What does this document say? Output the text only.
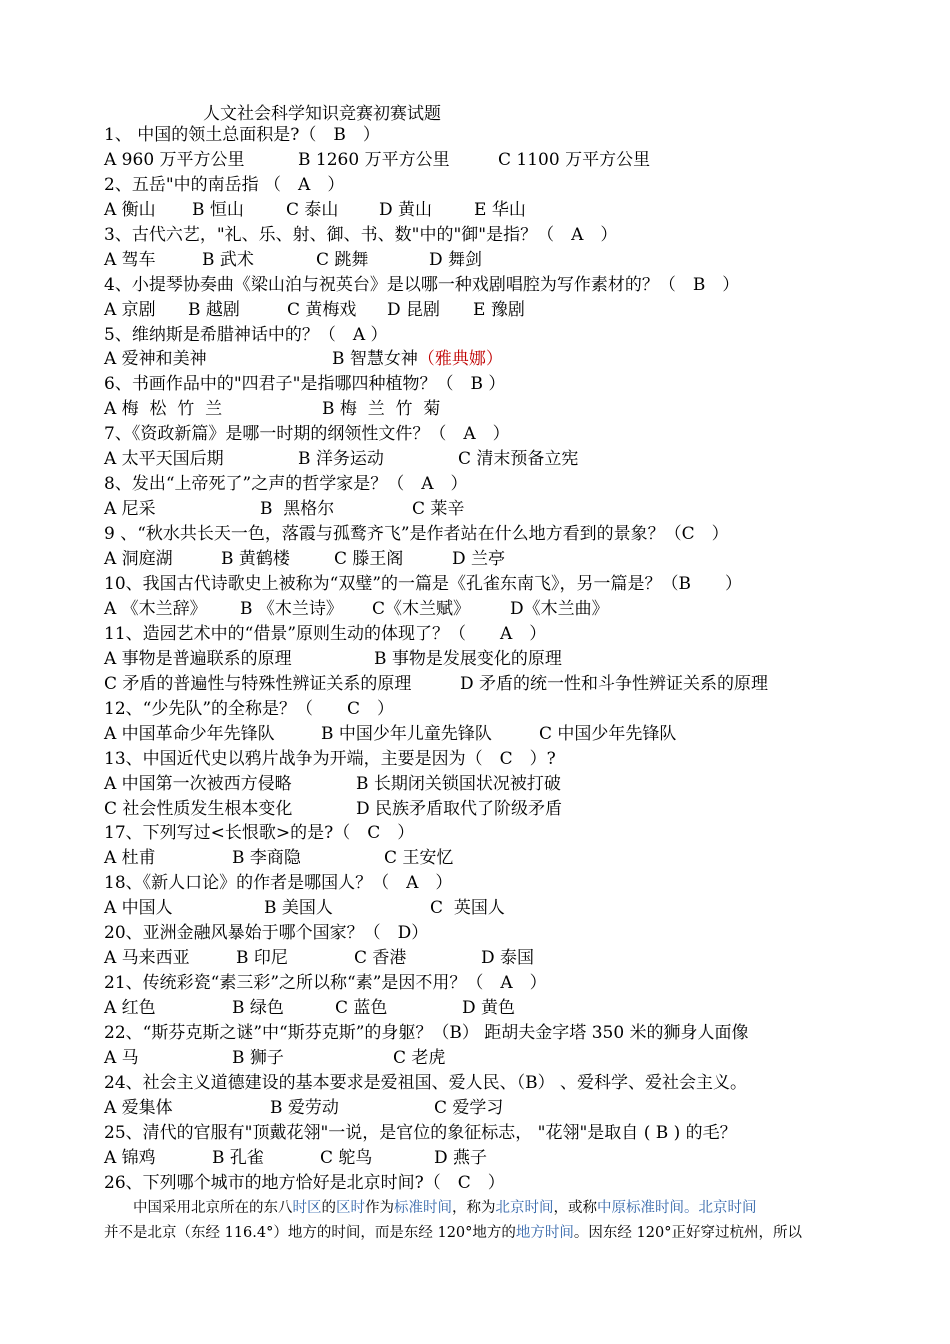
人文社会科学知识竞赛初赛试题
1、 中国的领土总面积是?（　B　）
A 960 万平方公里	B 1260 万平方公里	C 1100 万平方公里
2、五岳"中的南岳指 （　A　）
A 衡山 B 恒山 C 泰山 D 黄山 E 华山
3、古代六艺，"礼、乐、射、御、书、数"中的"御"是指？（　A　）
A 驾车	B 武术	C 跳舞	D 舞剑
4、小提琴协奏曲《梁山泊与祝英台》是以哪一种戏剧唱腔为写作素材的？（　B　）
A 京剧 B 越剧	C 黄梅戏 D 昆剧 E 豫剧
5、维纳斯是希腊神话中的？（　A ）
A 爱神和美神	B 智慧女神（雅典娜）
6、书画作品中的"四君子"是指哪四种植物？（　B ）
A 梅  松  竹  兰	B 梅  兰  竹  菊
7、《资政新篇》是哪一时期的纲领性文件？（　A　）
A 太平天国后期	B 洋务运动	C 清末预备立宪
8、发出“上帝死了”之声的哲学家是？（　A　）
A 尼采	B  黑格尔	C 莱辛
9 、“秋水共长天一色，落霞与孤鹜齐飞”是作者站在什么地方看到的景象？（C　）
A 洞庭湖	B 黄鹤楼	C 滕王阁	D 兰亭
10、我国古代诗歌史上被称为“双璧”的一篇是《孔雀东南飞》，另一篇是？（B　　）
A 《木兰辞》 B 《木兰诗》 C《木兰赋》 D《木兰曲》
11、造园艺术中的“借景”原则生动的体现了？（　　A　）
A 事物是普遍联系的原理	B 事物是发展变化的原理
C 矛盾的普遍性与特殊性辨证关系的原理	D 矛盾的统一性和斗争性辨证关系的原理
12、“少先队”的全称是？（　　C　）
A 中国革命少年先锋队	B 中国少年儿童先锋队	C 中国少年先锋队
13、中国近代史以鸦片战争为开端，主要是因为（　C　）?
A 中国第一次被西方侵略	B 长期闭关锁国状况被打破
C 社会性质发生根本变化	D 民族矛盾取代了阶级矛盾
17、下列写过<长恨歌>的是?（　C　）
A 杜甫	B 李商隐	C 王安忆
18、《新人口论》的作者是哪国人？（　A　）
A 中国人	B 美国人	C  英国人
20、亚洲金融风暴始于哪个国家？（　D）
A 马来西亚	B 印尼	C 香港	D 泰国
21、传统彩瓷“素三彩”之所以称“素”是因不用？（　A　）
A 红色	B 绿色	C 蓝色	D 黄色
22、“斯芬克斯之谜”中“斯芬克斯”的身躯？（B） 距胡夫金字塔 350 米的狮身人面像
A 马	B 狮子	C 老虎
24、社会主义道德建设的基本要求是爱祖国、爱人民、（B） 、爱科学、爱社会主义。
A 爱集体	B 爱劳动	C 爱学习
25、清代的官服有"顶戴花翎"一说，是官位的象征标志， "花翎"是取自 ( B ) 的毛？
A 锦鸡	B 孔雀	C 鸵鸟	D 燕子
26、下列哪个城市的地方恰好是北京时间?（　C　）

　　中国采用北京所在的东八时区的区时作为标准时间，称为北京时间，或称中原标准时间。北京时间

并不是北京（东经 116.4°）地方的时间，而是东经 120°地方的地方时间。因东经 120°正好穿过杭州，所以
